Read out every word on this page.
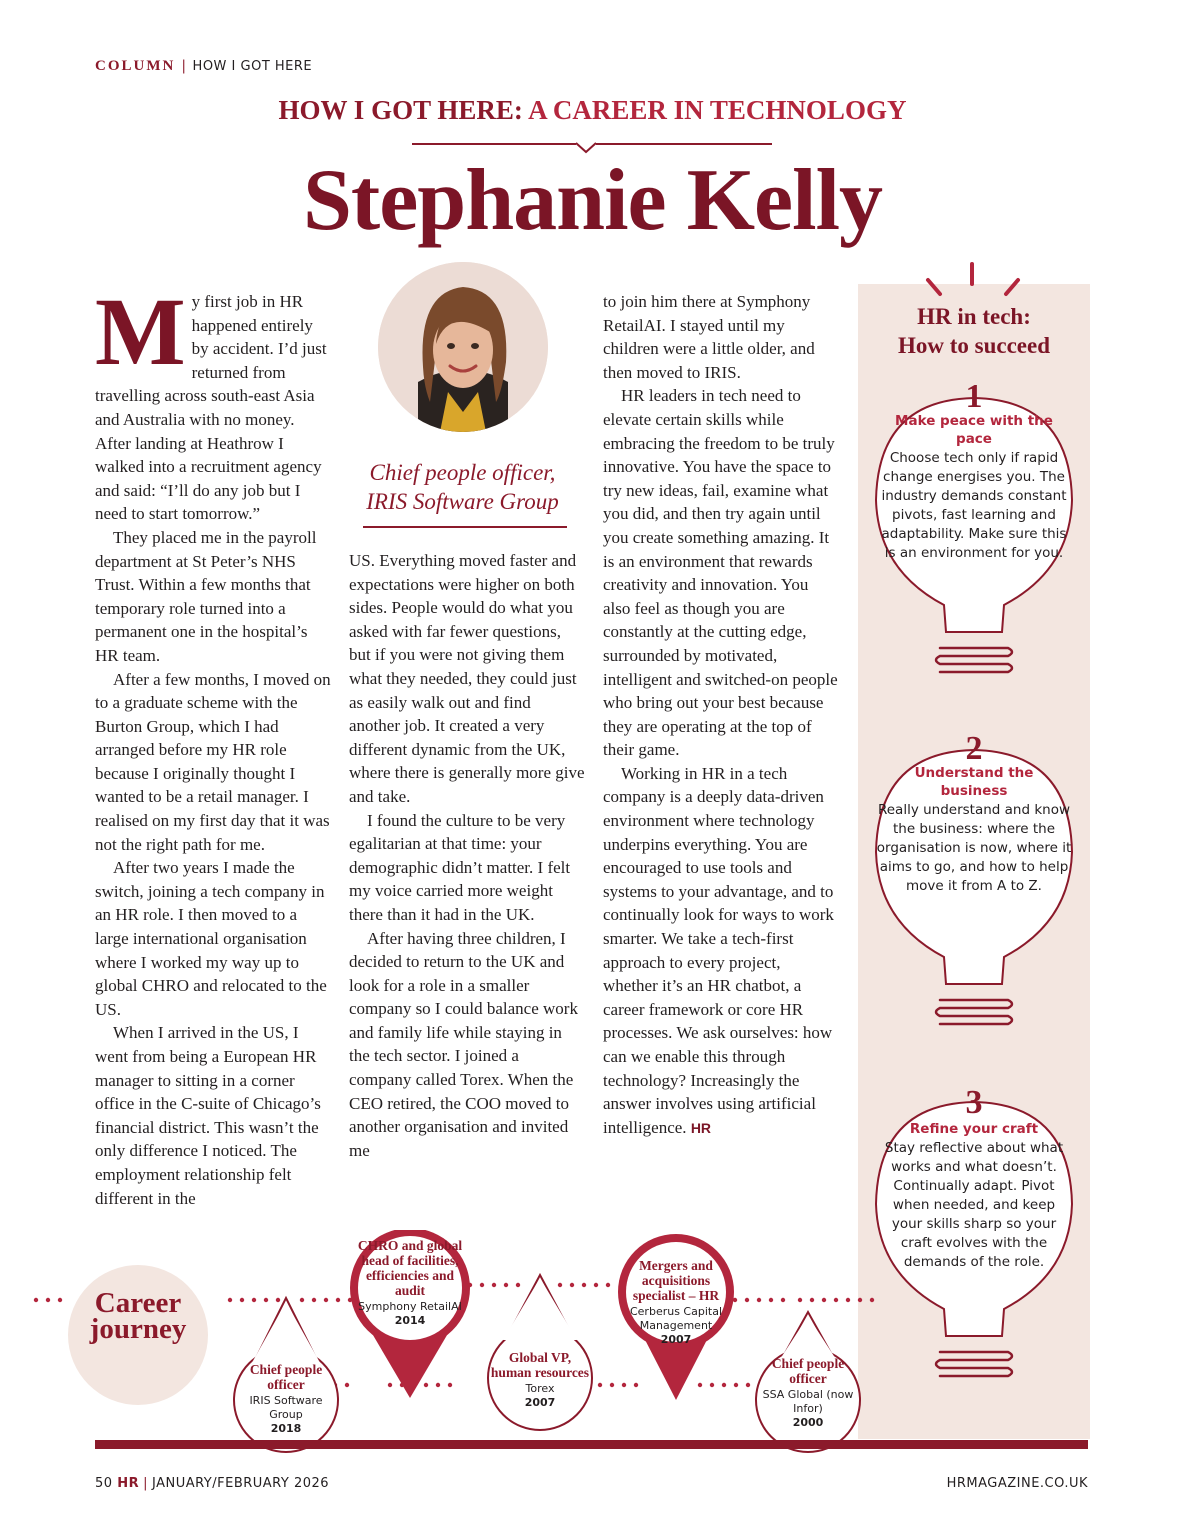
COLUMN | HOW I GOT HERE
HOW I GOT HERE: A CAREER IN TECHNOLOGY
Stephanie Kelly
M y first job in HR happened entirely by accident. I’d just returned from travelling across south-east Asia and Australia with no money. After landing at Heathrow I walked into a recruitment agency and said: “I’ll do any job but I need to start tomorrow.”

They placed me in the payroll department at St Peter’s NHS Trust. Within a few months that temporary role turned into a permanent one in the hospital’s HR team.

After a few months, I moved on to a graduate scheme with the Burton Group, which I had arranged before my HR role because I originally thought I wanted to be a retail manager. I realised on my first day that it was not the right path for me.

After two years I made the switch, joining a tech company in an HR role. I then moved to a large international organisation where I worked my way up to global CHRO and relocated to the US.

When I arrived in the US, I went from being a European HR manager to sitting in a corner office in the C-suite of Chicago’s financial district. This wasn’t the only difference I noticed. The employment relationship felt different in the

Chief people officer,
IRIS Software Group

US. Everything moved faster and expectations were higher on both sides. People would do what you asked with far fewer questions, but if you were not giving them what they needed, they could just as easily walk out and find another job. It created a very different dynamic from the UK, where there is generally more give and take.

I found the culture to be very egalitarian at that time: your demographic didn’t matter. I felt my voice carried more weight there than it had in the UK.

After having three children, I decided to return to the UK and look for a role in a smaller company so I could balance work and family life while staying in the tech sector. I joined a company called Torex. When the CEO retired, the COO moved to another organisation and invited me

to join him there at Symphony RetailAI. I stayed until my children were a little older, and then moved to IRIS.

HR leaders in tech need to elevate certain skills while embracing the freedom to be truly innovative. You have the space to try new ideas, fail, examine what you did, and then try again until you create something amazing. It is an environment that rewards creativity and innovation. You also feel as though you are constantly at the cutting edge, surrounded by motivated, intelligent and switched-on people who bring out your best because they are operating at the top of their game.

Working in HR in a tech company is a deeply data-driven environment where technology underpins everything. You are encouraged to use tools and systems to your advantage, and to continually look for ways to work smarter. We take a tech-first approach to every project, whether it’s an HR chatbot, a career framework or core HR processes. We ask ourselves: how can we enable this through technology? Increasingly the answer involves using artificial intelligence. HR

HR in tech:
How to succeed
1
Make peace with the pace
Choose tech only if rapid change energises you. The industry demands constant pivots, fast learning and adaptability. Make sure this is an environment for you.
2
Understand the business
Really understand and know the business: where the organisation is now, where it aims to go, and how to help move it from A to Z.
3
Refine your craft
Stay reflective about what works and what doesn’t. Continually adapt. Pivot when needed, and keep your skills sharp so your craft evolves with the demands of the role.
Career
journey
Chief people officer
IRIS Software Group
2018
CHRO and global head of facilities, efficiencies and audit
Symphony RetailAI
2014
Global VP, human resources
Torex
2007
Mergers and acquisitions specialist – HR
Cerberus Capital Management
2007
Chief people officer
SSA Global (now Infor)
2000
50 HR | JANUARY/FEBRUARY 2026	HRMAGAZINE.CO.UK
